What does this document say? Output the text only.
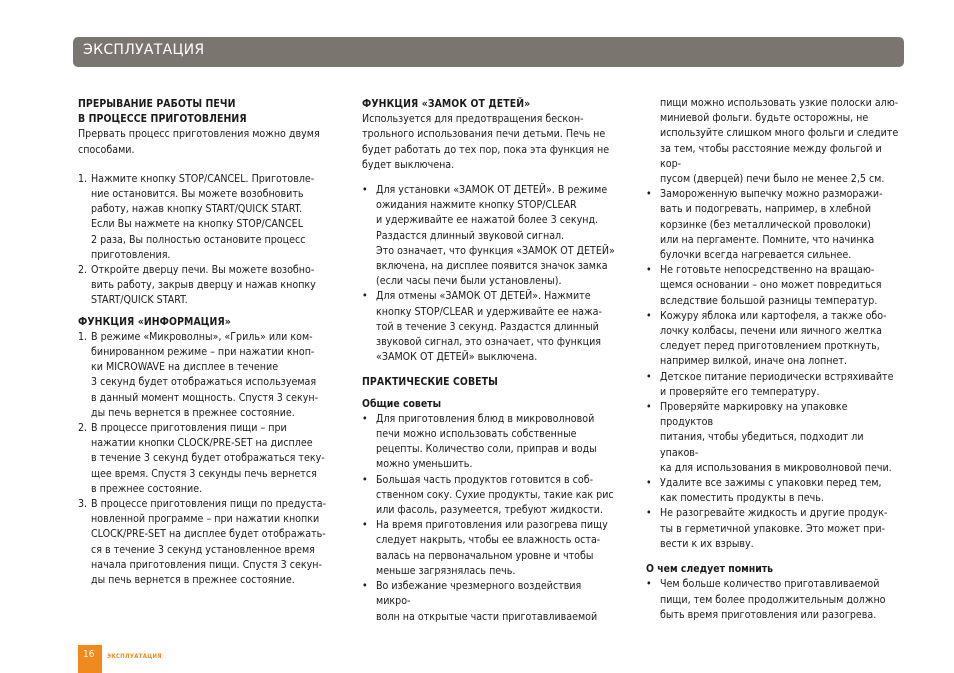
ЭКСПЛУАТАЦИЯ
ПРЕРЫВАНИЕ РАБОТЫ ПЕЧИ
В ПРОЦЕССЕ ПРИГОТОВЛЕНИЯ

Прервать процесс приготовления можно двумя

способами.

1. Нажмите кнопку STOP/CANCEL. Приготовле-
ние остановится. Вы можете возобновить
работу, нажав кнопку START/QUICK START.
Если Вы нажмете на кнопку STOP/CANCEL
2 раза, Вы полностью остановите процесс
приготовления.
2. Откройте дверцу печи. Вы можете возобно-
вить работу, закрыв дверцу и нажав кнопку
START/QUICK START.
ФУНКЦИЯ «ИНФОРМАЦИЯ»
1. В режиме «Микроволны», «Гриль» или ком-
бинированном режиме – при нажатии кноп-
ки MICROWAVE на дисплее в течение
3 секунд будет отображаться используемая
в данный момент мощность. Спустя 3 секун-
ды печь вернется в прежнее состояние.
2. В процессе приготовления пищи – при
нажатии кнопки CLOCK/PRE-SET на дисплее
в течение 3 секунд будет отображаться теку-
щее время. Спустя 3 секунды печь вернется
в прежнее состояние.
3. В процессе приготовления пищи по предуста-
новленной программе – при нажатии кнопки
CLOCK/PRE-SET на дисплее будет отображать-
ся в течение 3 секунд установленное время
начала приготовления пищи. Спустя 3 секун-
ды печь вернется в прежнее состояние.
ФУНКЦИЯ «ЗАМОК ОТ ДЕТЕЙ»

Используется для предотвращения бескон-

трольного использования печи детьми. Печь не

будет работать до тех пор, пока эта функция не

будет выключена.

• Для установки «ЗАМОК ОТ ДЕТЕЙ». В режиме
ожидания нажмите кнопку STOP/CLEAR
и удерживайте ее нажатой более 3 секунд.
Раздастся длинный звуковой сигнал.
Это означает, что функция «ЗАМОК ОТ ДЕТЕЙ»
включена, на дисплее появится значок замка
(если часы печи были установлены).
• Для отмены «ЗАМОК ОТ ДЕТЕЙ». Нажмите
кнопку STOP/CLEAR и удерживайте ее нажа-
той в течение 3 секунд. Раздастся длинный
звуковой сигнал, это означает, что функция
«ЗАМОК ОТ ДЕТЕЙ» выключена.
ПРАКТИЧЕСКИЕ СОВЕТЫ
Общие советы
• Для приготовления блюд в микроволновой
печи можно использовать собственные
рецепты. Количество соли, приправ и воды
можно уменьшить.
• Большая часть продуктов готовится в соб-
ственном соку. Сухие продукты, такие как рис
или фасоль, разумеется, требуют жидкости.
• На время приготовления или разогрева пищу
следует накрыть, чтобы ее влажность оста-
валась на первоначальном уровне и чтобы
меньше загрязнялась печь.
• Во избежание чрезмерного воздействия микро-
волн на открытые части приготавливаемой
пищи можно использовать узкие полоски алю-
миниевой фольги. будьте осторожны, не
используйте слишком много фольги и следите
за тем, чтобы расстояние между фольгой и кор-
пусом (дверцей) печи было не менее 2,5 см.
• Замороженную выпечку можно разморажи-
вать и подогревать, например, в хлебной
корзинке (без металлической проволоки)
или на пергаменте. Помните, что начинка
булочки всегда нагревается сильнее.
• Не готовьте непосредственно на вращаю-
щемся основании – оно может повредиться
вследствие большой разницы температур.
• Кожуру яблока или картофеля, а также обо-
лочку колбасы, печени или яичного желтка
следует перед приготовлением проткнуть,
например вилкой, иначе она лопнет.
• Детское питание периодически встряхивайте
и проверяйте его температуру.
• Проверяйте маркировку на упаковке продуктов
питания, чтобы убедиться, подходит ли упаков-
ка для использования в микроволновой печи.
• Удалите все зажимы с упаковки перед тем,
как поместить продукты в печь.
• Не разогревайте жидкость и другие продук-
ты в герметичной упаковке. Это может при-
вести к их взрыву.
О чем следует помнить
• Чем больше количество приготавливаемой
пищи, тем более продолжительным должно
быть время приготовления или разогрева.
16 ЭКСПЛУАТАЦИЯ
